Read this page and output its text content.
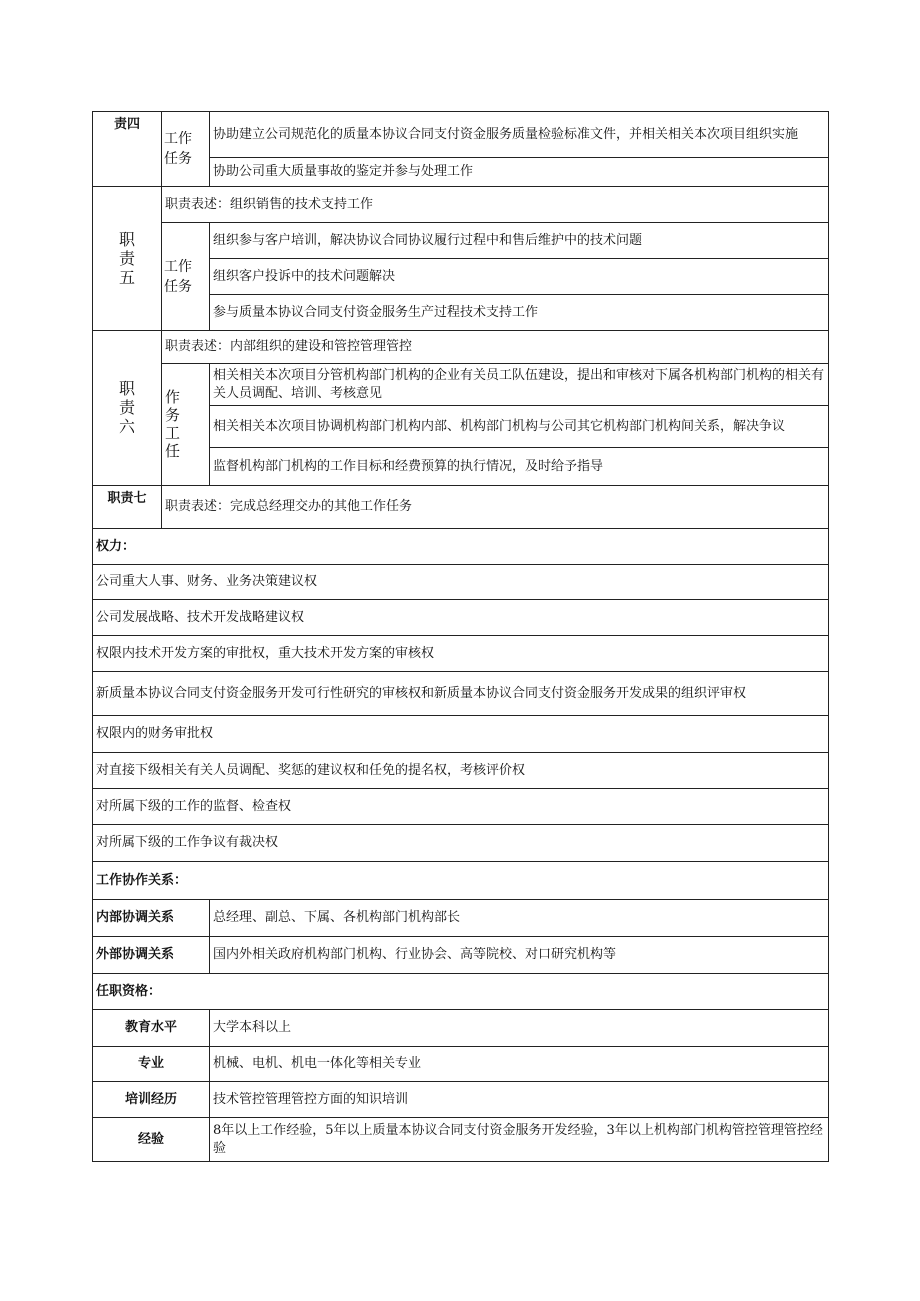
责四	工作任务	协助建立公司规范化的质量本协议合同支付资金服务质量检验标准文件，并相关相关本次项目组织实施
		协助公司重大质量事故的鉴定并参与处理工作
职责五	职责表述：组织销售的技术支持工作	
	工作任务	组织参与客户培训，解决协议合同协议履行过程中和售后维护中的技术问题
		组织客户投诉中的技术问题解决
		参与质量本协议合同支付资金服务生产过程技术支持工作
职责六	职责表述：内部组织的建设和管控管理管控	
	作务工任	相关相关本次项目分管机构部门机构的企业有关员工队伍建设，提出和审核对下属各机构部门机构的相关有关人员调配、培训、考核意见
		相关相关本次项目协调机构部门机构内部、机构部门机构与公司其它机构部门机构间关系，解决争议
		监督机构部门机构的工作目标和经费预算的执行情况，及时给予指导
职责七	职责表述：完成总经理交办的其他工作任务	
权力：		
公司重大人事、财务、业务决策建议权		
公司发展战略、技术开发战略建议权		
权限内技术开发方案的审批权，重大技术开发方案的审核权		
新质量本协议合同支付资金服务开发可行性研究的审核权和新质量本协议合同支付资金服务开发成果的组织评审权		
权限内的财务审批权		
对直接下级相关有关人员调配、奖惩的建议权和任免的提名权，考核评价权		
对所属下级的工作的监督、检查权		
对所属下级的工作争议有裁决权		
工作协作关系：		
内部协调关系		总经理、副总、下属、各机构部门机构部长
外部协调关系		国内外相关政府机构部门机构、行业协会、高等院校、对口研究机构等
任职资格：		
教育水平		大学本科以上
专业		机械、电机、机电一体化等相关专业
培训经历		技术管控管理管控方面的知识培训
经验		8年以上工作经验，5年以上质量本协议合同支付资金服务开发经验，3年以上机构部门机构管控管理管控经验
